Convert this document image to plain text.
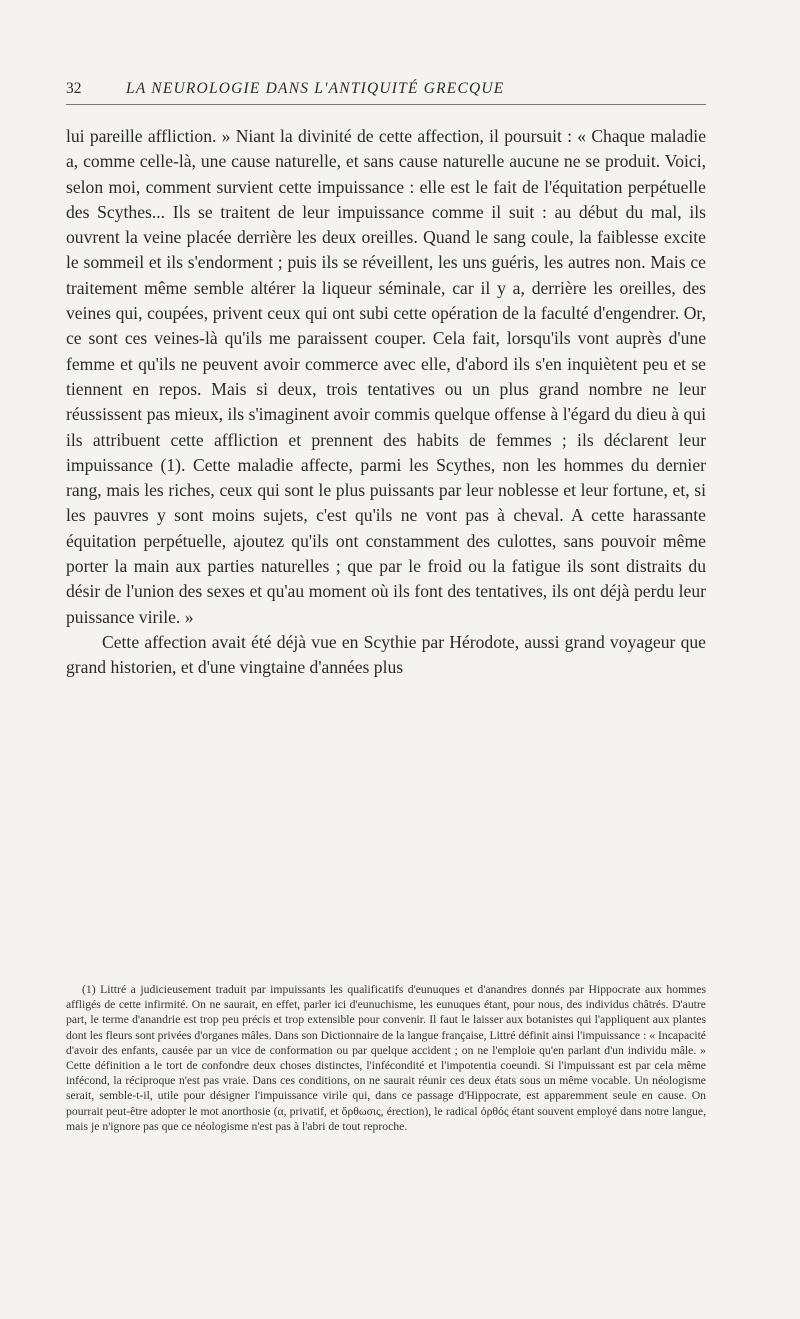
32	LA NEUROLOGIE DANS L'ANTIQUITÉ GRECQUE

lui pareille affliction. » Niant la divinité de cette affection, il poursuit : « Chaque maladie a, comme celle-là, une cause naturelle, et sans cause naturelle aucune ne se produit. Voici, selon moi, comment survient cette impuissance : elle est le fait de l'équitation perpétuelle des Scythes... Ils se traitent de leur impuissance comme il suit : au début du mal, ils ouvrent la veine placée derrière les deux oreilles. Quand le sang coule, la faiblesse excite le sommeil et ils s'endorment ; puis ils se réveillent, les uns guéris, les autres non. Mais ce traitement même semble altérer la liqueur séminale, car il y a, derrière les oreilles, des veines qui, coupées, privent ceux qui ont subi cette opération de la faculté d'engendrer. Or, ce sont ces veines-là qu'ils me paraissent couper. Cela fait, lorsqu'ils vont auprès d'une femme et qu'ils ne peuvent avoir commerce avec elle, d'abord ils s'en inquiètent peu et se tiennent en repos. Mais si deux, trois tentatives ou un plus grand nombre ne leur réussissent pas mieux, ils s'imaginent avoir commis quelque offense à l'égard du dieu à qui ils attribuent cette affliction et prennent des habits de femmes ; ils déclarent leur impuissance (1). Cette maladie affecte, parmi les Scythes, non les hommes du dernier rang, mais les riches, ceux qui sont le plus puissants par leur noblesse et leur fortune, et, si les pauvres y sont moins sujets, c'est qu'ils ne vont pas à cheval. A cette harassante équitation perpétuelle, ajoutez qu'ils ont constamment des culottes, sans pouvoir même porter la main aux parties naturelles ; que par le froid ou la fatigue ils sont distraits du désir de l'union des sexes et qu'au moment où ils font des tentatives, ils ont déjà perdu leur puissance virile. »

Cette affection avait été déjà vue en Scythie par Hérodote, aussi grand voyageur que grand historien, et d'une vingtaine d'années plus

(1) Littré a judicieusement traduit par impuissants les qualificatifs d'eunuques et d'anandres donnés par Hippocrate aux hommes affligés de cette infirmité. On ne saurait, en effet, parler ici d'eunuchisme, les eunuques étant, pour nous, des individus châtrés. D'autre part, le terme d'anandrie est trop peu précis et trop extensible pour convenir. Il faut le laisser aux botanistes qui l'appliquent aux plantes dont les fleurs sont privées d'organes mâles. Dans son Dictionnaire de la langue française, Littré définit ainsi l'impuissance : « Incapacité d'avoir des enfants, causée par un vice de conformation ou par quelque accident ; on ne l'emploie qu'en parlant d'un individu mâle. » Cette définition a le tort de confondre deux choses distinctes, l'infécondité et l'impotentia coeundi. Si l'impuissant est par cela même infécond, la réciproque n'est pas vraie. Dans ces conditions, on ne saurait réunir ces deux états sous un même vocable. Un néologisme serait, semble-t-il, utile pour désigner l'impuissance virile qui, dans ce passage d'Hippocrate, est apparemment seule en cause. On pourrait peut-être adopter le mot anorthosie (α, privatif, et ὄρθωσις, érection), le radical ὀρθός étant souvent employé dans notre langue, mais je n'ignore pas que ce néologisme n'est pas à l'abri de tout reproche.
